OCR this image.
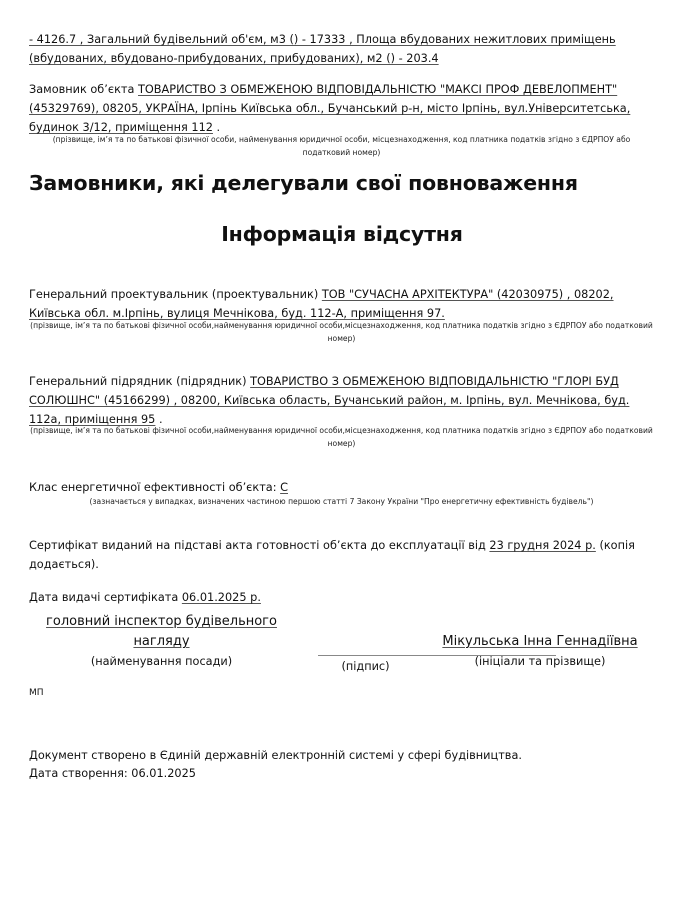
- 4126.7 , Загальний будівельний об'єм, м3 () - 17333 , Площа вбудованих нежитлових приміщень (вбудованих, вбудовано-прибудованих, прибудованих), м2 () - 203.4
Замовник об’єкта ТОВАРИСТВО З ОБМЕЖЕНОЮ ВІДПОВІДАЛЬНІСТЮ "МАКСІ ПРОФ ДЕВЕЛОПМЕНТ" (45329769), 08205, УКРАЇНА, Ірпінь Київська обл., Бучанський р-н, місто Ірпінь, вул.Університетська, будинок 3/12, приміщення 112 .
(прізвище, ім’я та по батькові фізичної особи, найменування юридичної особи, місцезнаходження, код платника податків згідно з ЄДРПОУ або податковий номер)
Замовники, які делегували свої повноваження
Інформація відсутня
Генеральний проектувальник (проектувальник) ТОВ "СУЧАСНА АРХІТЕКТУРА" (42030975) , 08202, Київська обл. м.Ірпінь, вулиця Мечнікова, буд. 112-А, приміщення 97.
(прізвище, ім’я та по батькові фізичної особи,найменування юридичної особи,місцезнаходження, код платника податків згідно з ЄДРПОУ або податковий номер)
Генеральний підрядник (підрядник) ТОВАРИСТВО З ОБМЕЖЕНОЮ ВІДПОВІДАЛЬНІСТЮ "ГЛОРІ БУД СОЛЮШНС" (45166299) , 08200, Київська область, Бучанський район, м. Ірпінь, вул. Мечнікова, буд. 112а, приміщення 95 .
(прізвище, ім’я та по батькові фізичної особи,найменування юридичної особи,місцезнаходження, код платника податків згідно з ЄДРПОУ або податковий номер)
Клас енергетичної ефективності об’єкта: C
(зазначається у випадках, визначених частиною першою статті 7 Закону України "Про енергетичну ефективність будівель")
Сертифікат виданий на підставі акта готовності об’єкта до експлуатації від 23 грудня 2024 р. (копія додається).
Дата видачі сертифіката 06.01.2025 р.
головний інспектор будівельного нагляду
(найменування посади)	(підпис)
Мікульська Інна Геннадіївна
(ініціали та прізвище)
МП
Документ створено в Єдиній державній електронній системі у сфері будівництва.
Дата створення: 06.01.2025
